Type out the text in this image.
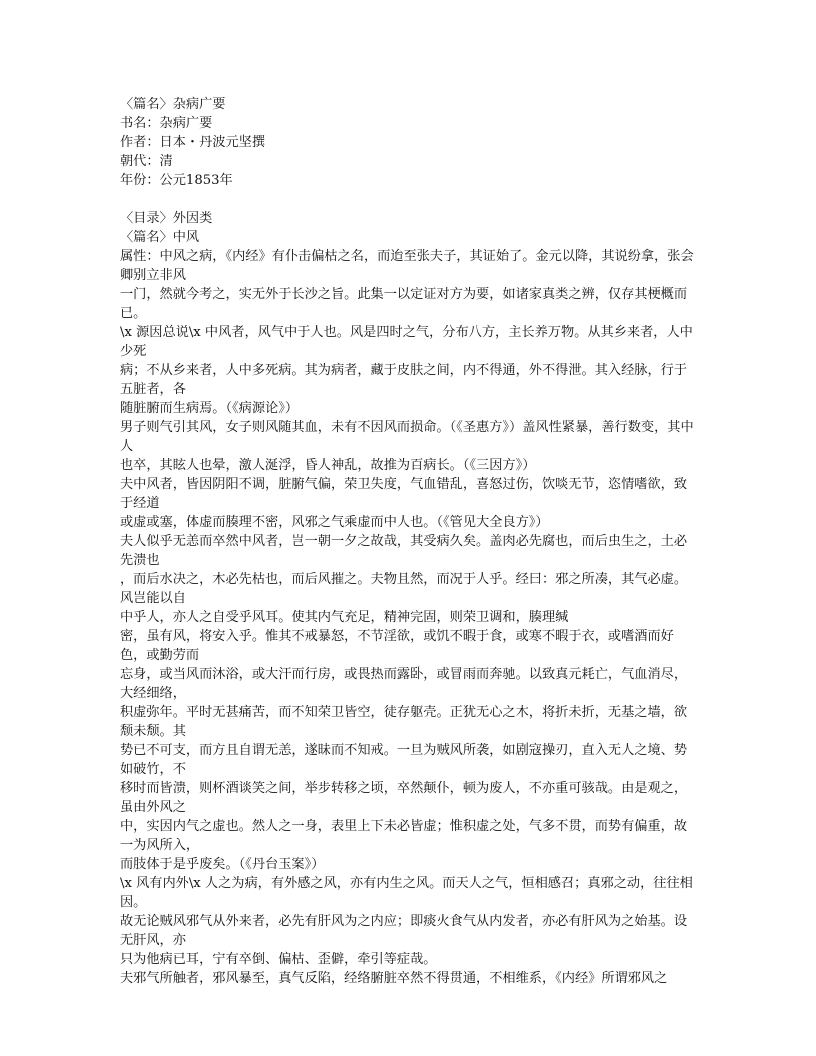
〈篇名〉杂病广要
书名：杂病广要
作者：日本・丹波元坚撰
朝代：清
年份：公元1853年
〈目录〉外因类
〈篇名〉中风
属性：中风之病，《内经》有仆击偏枯之名，而迨至张夫子，其证始了。金元以降，其说纷拿，张会卿别立非风
一门，然就今考之，实无外于长沙之旨。此集一以定证对方为要，如诸家真类之辨，仅存其梗概而已。
\x 源因总说\x 中风者，风气中于人也。风是四时之气，分布八方，主长养万物。从其乡来者，人中少死
病；不从乡来者，人中多死病。其为病者，藏于皮肤之间，内不得通，外不得泄。其入经脉，行于五脏者，各
随脏腑而生病焉。（《病源论》）
男子则气引其风，女子则风随其血，未有不因风而损命。（《圣惠方》）盖风性紧暴，善行数变，其中人
也卒，其眩人也晕，激人涎浮，昏人神乱，故推为百病长。（《三因方》）
夫中风者，皆因阴阳不调，脏腑气偏，荣卫失度，气血错乱，喜怒过伤，饮啖无节，恣情嗜欲，致于经道
或虚或塞，体虚而腠理不密，风邪之气乘虚而中人也。（《管见大全良方》）
夫人似乎无恙而卒然中风者，岂一朝一夕之故哉，其受病久矣。盖肉必先腐也，而后虫生之，土必先溃也
，而后水决之，木必先枯也，而后风摧之。夫物且然，而况于人乎。经曰：邪之所凑，其气必虚。风岂能以自
中乎人，亦人之自受乎风耳。使其内气充足，精神完固，则荣卫调和，腠理缄
密，虽有风，将安入乎。惟其不戒暴怒，不节淫欲，或饥不暇于食，或寒不暇于衣，或嗜酒而好色，或勤劳而
忘身，或当风而沐浴，或大汗而行房，或畏热而露卧，或冒雨而奔驰。以致真元耗亡，气血消尽，大经细络，
积虚弥年。平时无甚痛苦，而不知荣卫皆空，徒存躯壳。正犹无心之木，将折未折，无基之墙，欲颓未颓。其
势已不可支，而方且自谓无恙，遂昧而不知戒。一旦为贼风所袭，如剧寇操刃，直入无人之境、势如破竹，不
移时而皆溃，则杯酒谈笑之间，举步转移之顷，卒然颠仆，顿为废人，不亦重可骇哉。由是观之，虽由外风之
中，实因内气之虚也。然人之一身，表里上下未必皆虚；惟积虚之处，气多不贯，而势有偏重，故一为风所入，
而肢体于是乎废矣。（《丹台玉案》）
\x 风有内外\x 人之为病，有外感之风，亦有内生之风。而天人之气，恒相感召；真邪之动，往往相因。
故无论贼风邪气从外来者，必先有肝风为之内应；即痰火食气从内发者，亦必有肝风为之始基。设无肝风，亦
只为他病已耳，宁有卒倒、偏枯、歪僻，牵引等症哉。
夫邪气所触者，邪风暴至，真气反陷，经络腑脏卒然不得贯通，不相维系，《内经》所谓邪风之
